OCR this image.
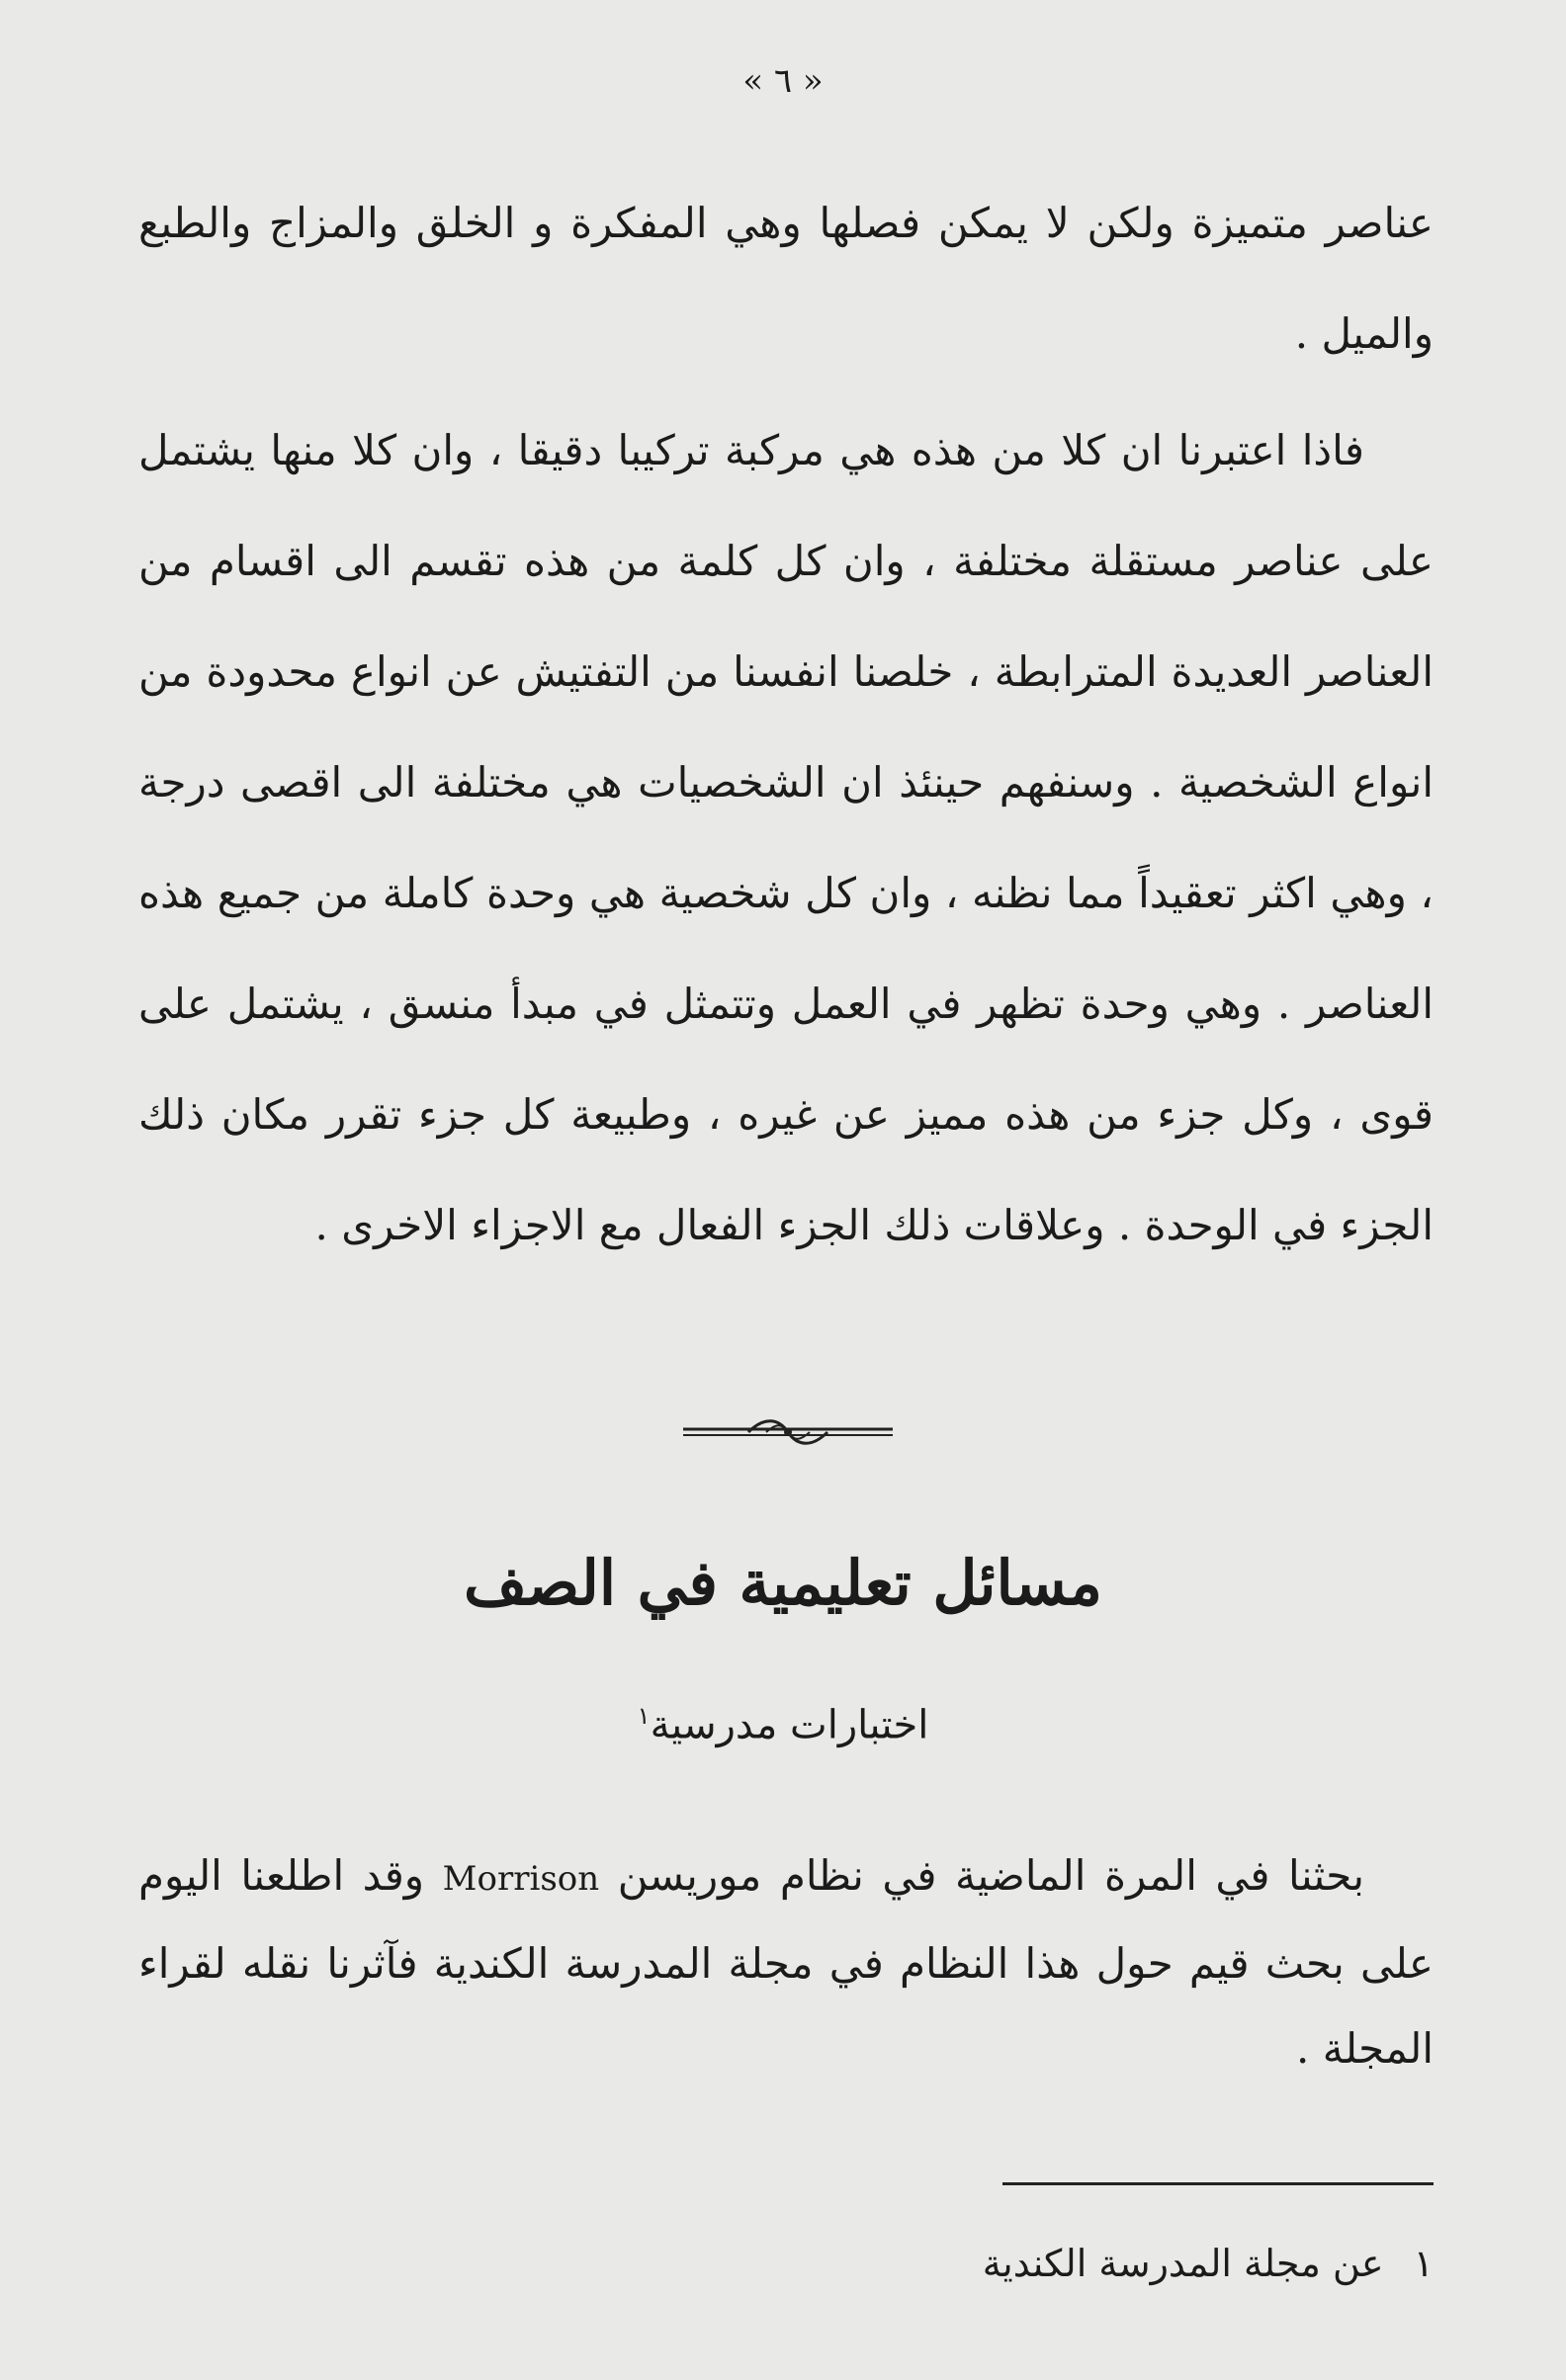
« ٦ »
عناصر متميزة ولكن لا يمكن فصلها وهي المفكرة و الخلق والمزاج والطبع والميل .
فاذا اعتبرنا ان كلا من هذه هي مركبة تركيبا دقيقا ، وان كلا منها يشتمل على عناصر مستقلة مختلفة ، وان كل كلمة من هذه تقسم الى اقسام من العناصر العديدة المترابطة ، خلصنا انفسنا من التفتيش عن انواع محدودة من انواع الشخصية . وسنفهم حينئذ ان الشخصيات هي مختلفة الى اقصى درجة ، وهي اكثر تعقيداً مما نظنه ، وان كل شخصية هي وحدة كاملة من جميع هذه العناصر . وهي وحدة تظهر في العمل وتتمثل في مبدأ منسق ، يشتمل على قوى ، وكل جزء من هذه مميز عن غيره ، وطبيعة كل جزء تقرر مكان ذلك الجزء في الوحدة . وعلاقات ذلك الجزء الفعال مع الاجزاء الاخرى .
مسائل تعليمية في الصف
اختبارات مدرسية$^١$
بحثنا في المرة الماضية في نظام موريسن Morrison وقد اطلعنا اليوم على بحث قيم حول هذا النظام في مجلة المدرسة الكندية فآثرنا نقله لقراء المجلة .
١عن مجلة المدرسة الكندية
